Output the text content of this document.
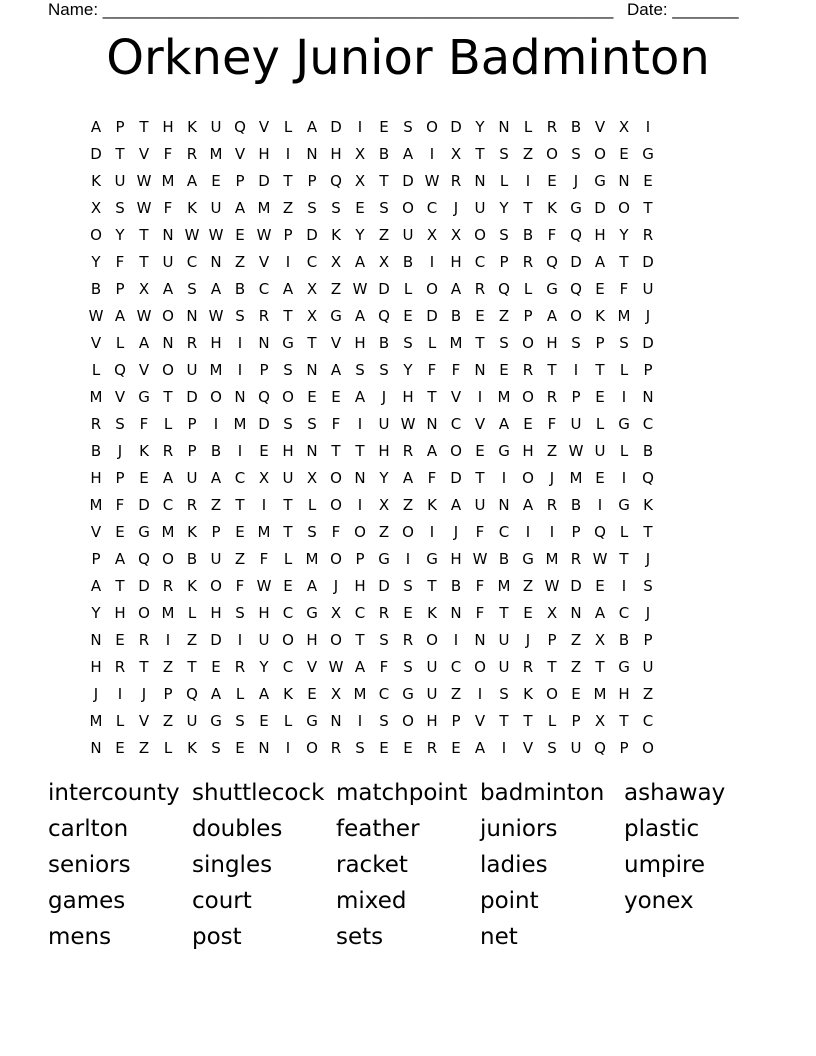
Name: ______________________________________________________ Date: _______
Orkney Junior Badminton
A P T H K U Q V L A D	I	E S O D Y N L R B V X	I
D T V F R M V H	I	N H X B A	I	X T S Z O S O E G
K U W M A E P D T P Q X T D W R N L	I	E	J	G N E
X S W F K U A M Z S S E S O C	J	U Y T K G D O T
O Y T N W W E W P D K Y Z U X X O S B F Q H Y R
Y	F	T U C N Z V	I	C X A X B	I	H C P R Q D A T D
B P X A S A B C A X Z W D L O A R Q L G Q E F U
W A W O N W S R T X G A Q E D B E Z P A O K M	J
V L A N R H	I	N G T V H B S	L M T S O H S P S D
L Q V O U M	I	P S N A S S Y	F	F N E R T	I	T	L	P
M V G T D O N Q O E E A	J	H T V	I	M O R P E	I	N
R S F	L	P	I	M D S S F	I	U W N C V A E F U L G C
B	J	K R P B	I	E H N T T H R A O E G H Z W U L B
H P E A U A C X U X O N Y A F D T	I	O	J	M E	I	Q
M F D C R Z T	I	T	L O	I	X Z K A U N A R B	I	G K
V E G M K P E M T S F O Z O	I	J	F C	I	I	P Q L	T
P A Q O B U Z F	L M O P G	I	G H W B G M R W T	J
A T D R K O F W E A	J	H D S T B F M Z W D E	I	S
Y H O M L H S H C G X C R E K N F	T E X N A C	J
N E R	I	Z D	I	U O H O T S R O	I	N U	J	P Z X B P
H R T Z T E R Y C V W A F S U C O U R T Z T G U
J	I	J	P Q A L A K E X M C G U Z	I	S K O E M H Z
M L V Z U G S E	L G N	I	S O H P V T T	L	P X T C
N E Z L K S E N	I	O R S E E R E A	I	V S U Q P O
intercounty shuttlecock matchpoint badminton ashaway
carlton	doubles	feather	juniors	plastic
seniors	singles	racket	ladies	umpire
games	court	mixed	point	yonex
mens	post	sets	net
